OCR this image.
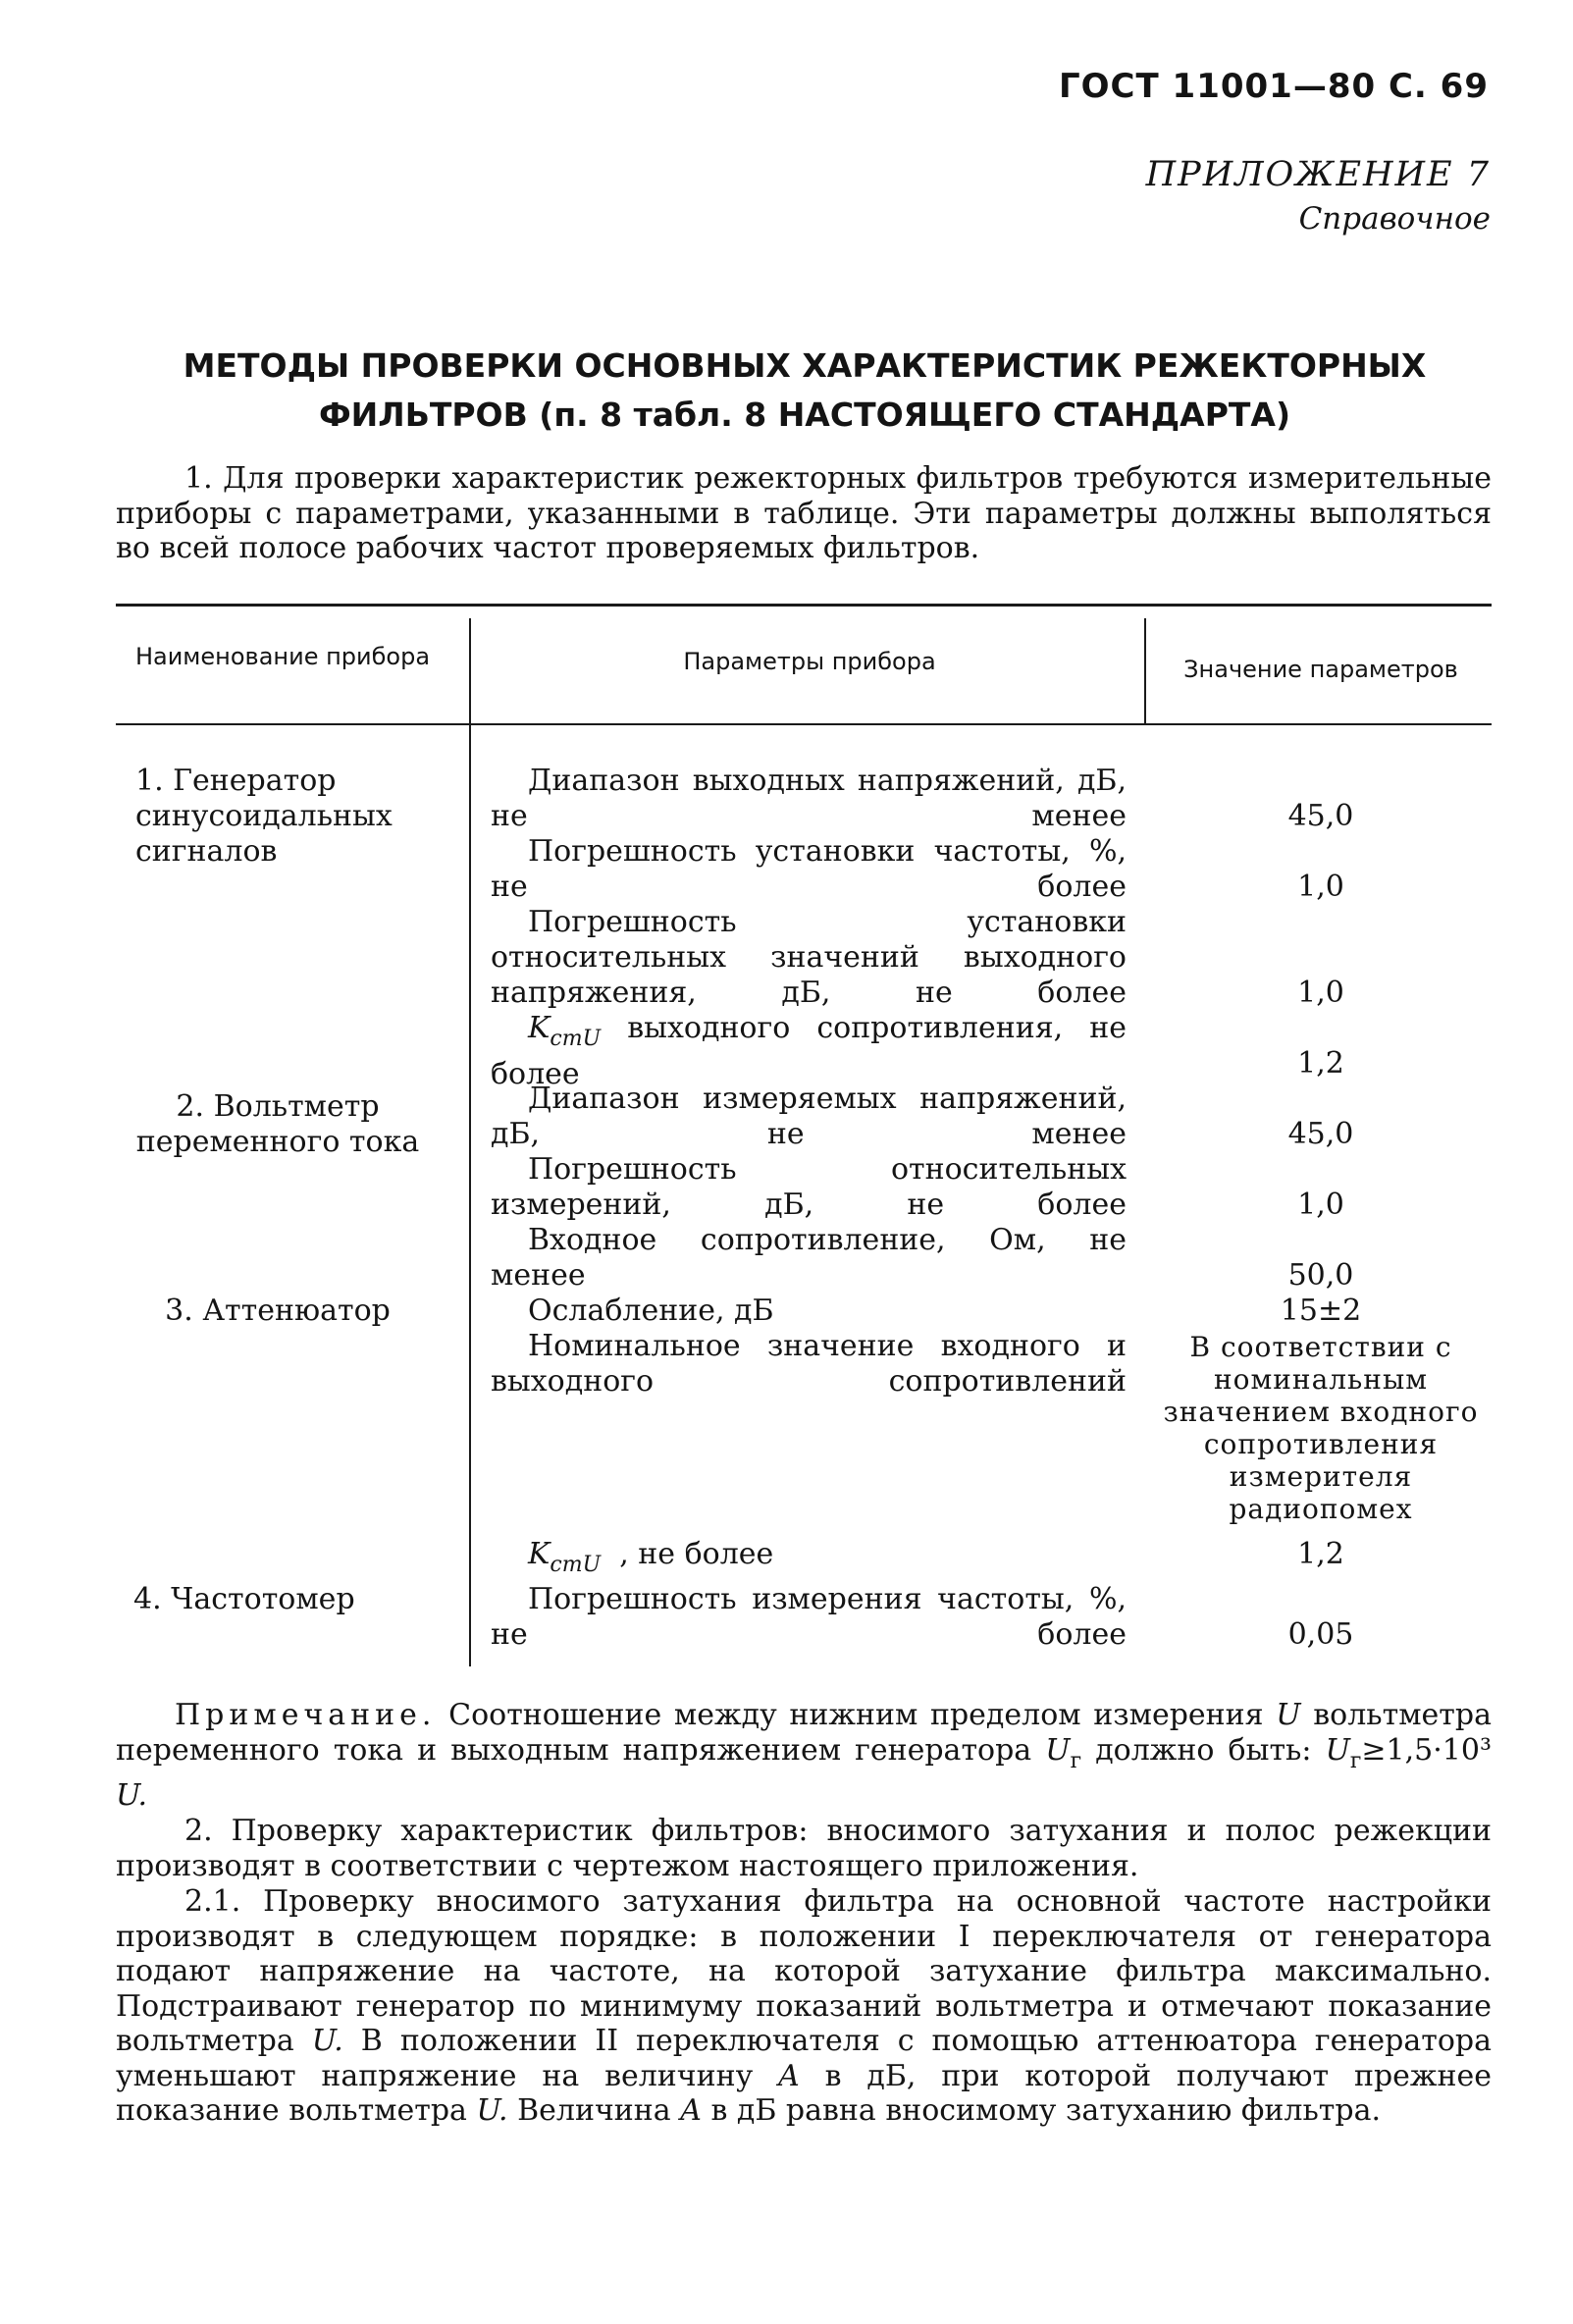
ГОСТ 11001—80 С. 69
ПРИЛОЖЕНИЕ 7
Справочное
МЕТОДЫ ПРОВЕРКИ ОСНОВНЫХ ХАРАКТЕРИСТИК РЕЖЕКТОРНЫХ
ФИЛЬТРОВ (п. 8 табл. 8 НАСТОЯЩЕГО СТАНДАРТА)
1. Для проверки характеристик режекторных фильтров требуются измерительные приборы с параметрами, указанными в таблице. Эти параметры должны выполяться во всей полосе рабочих частот проверяемых фильтров.
Наименование прибора	Параметры прибора	Значение параметров
1. Генератор синусоидальных сигналов
2. Вольтметр переменного тока
3. Аттенюатор
4. Частотомер
Диапазон выходных напряжений, дБ, не менее
Погрешность установки частоты, %, не более
Погрешность установки относительных значений выходного напряжения, дБ, не более
$K_{стU}$ выходного сопротивления, не более
Диапазон измеряемых напряжений, дБ, не менее
Погрешность относительных измерений, дБ, не более
Входное сопротивление, Ом, не менее
Ослабление, дБ
Номинальное значение входного и выходного сопротивлений
$K_{стU}$ , не более
Погрешность измерения частоты, %, не более
45,0
1,0
1,0
1,2
45,0
1,0
50,0
15±2
В соответствии с номинальным значением входного сопротивления измерителя радиопомех
1,2
0,05
Примечание. Соотношение между нижним пределом измерения U вольтметра переменного тока и выходным напряжением генератора $U_г$ должно быть: $U_г\ge 1,5\cdot 10^3$ U.
2. Проверку характеристик фильтров: вносимого затухания и полос режекции производят в соответствии с чертежом настоящего приложения.
2.1. Проверку вносимого затухания фильтра на основной частоте настройки производят в следующем порядке: в положении I переключателя от генератора подают напряжение на частоте, на которой затухание фильтра максимально. Подстраивают генератор по минимуму показаний вольтметра и отмечают показание вольтметра U. В положении II переключателя с помощью аттенюатора генератора уменьшают напряжение на величину A в дБ, при которой получают прежнее показание вольтметра U. Величина A в дБ равна вносимому затуханию фильтра.
